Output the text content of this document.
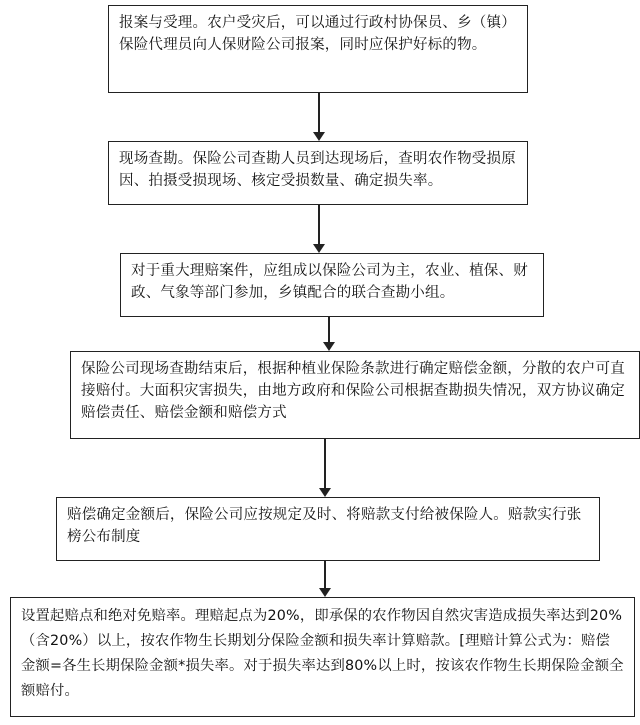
报案与受理。农户受灾后，可以通过行政村协保员、乡（镇）保险代理员向人保财险公司报案，同时应保护好标的物。
现场查勘。保险公司查勘人员到达现场后，查明农作物受损原因、拍摄受损现场、核定受损数量、确定损失率。
对于重大理赔案件，应组成以保险公司为主，农业、植保、财政、气象等部门参加，乡镇配合的联合查勘小组。
保险公司现场查勘结束后，根据种植业保险条款进行确定赔偿金额，分散的农户可直接赔付。大面积灾害损失，由地方政府和保险公司根据查勘损失情况，双方协议确定赔偿责任、赔偿金额和赔偿方式
赔偿确定金额后，保险公司应按规定及时、将赔款支付给被保险人。赔款实行张榜公布制度
设置起赔点和绝对免赔率。理赔起点为20%，即承保的农作物因自然灾害造成损失率达到20%（含20%）以上，按农作物生长期划分保险金额和损失率计算赔款。[理赔计算公式为：赔偿金额=各生长期保险金额*损失率。对于损失率达到80%以上时，按该农作物生长期保险金额全额赔付。
